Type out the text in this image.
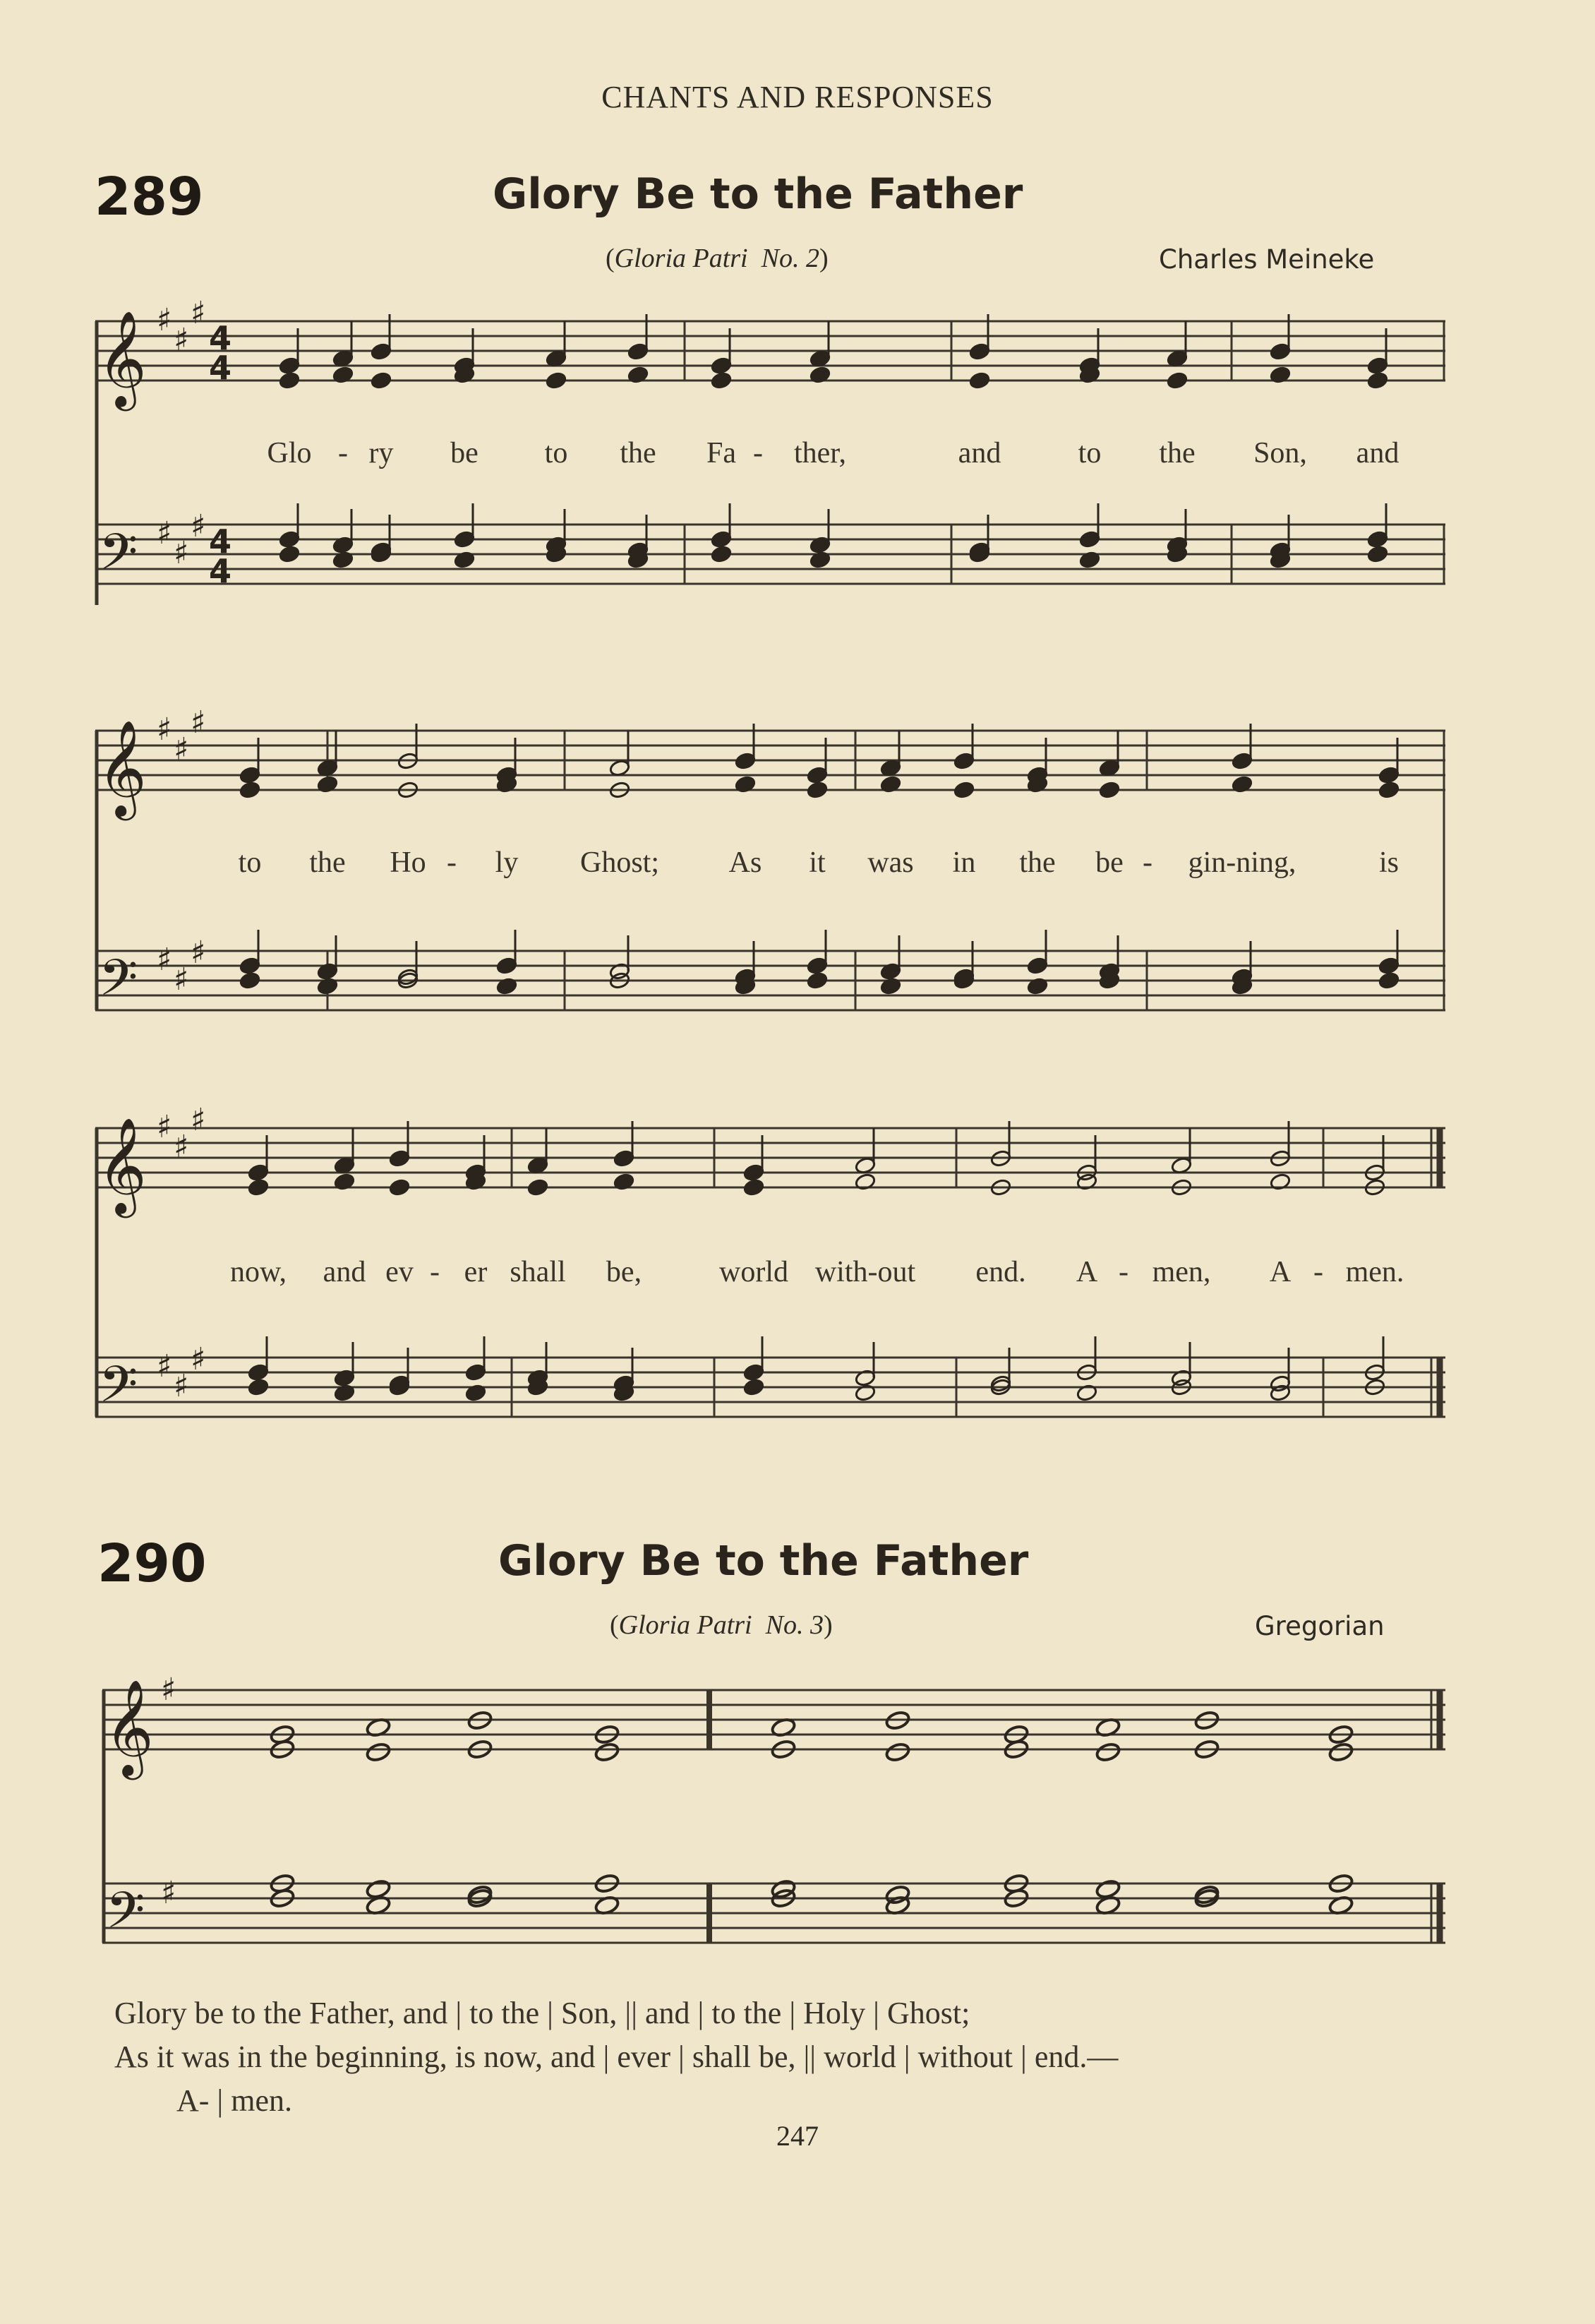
CHANTS AND RESPONSES
289	Glory Be to the Father
(Gloria Patri No. 2)	Charles Meineke
𝄞
𝄢
𝄞
𝄢
𝄞
𝄢
♯
♯
♯
♯
♯
♯
♯
♯
♯
♯
♯
♯
♯
♯
♯
♯
♯
♯
4
4
4
4
Glo - ry be to the Fa - ther,	and	to the Son, and
to the Ho - ly Ghost; As it was in the be - gin-ning,	is
now, and ev - er shall be,	world with-out end. A - men, A - men.
290	Glory Be to the Father
(Gloria Patri No. 3)	Gregorian
𝄞
𝄢
♯
♯
Glory be to the Father, and | to the | Son, || and | to the | Holy | Ghost;
As it was in the beginning, is now, and | ever | shall be, || world | without | end.—
A- | men.
247
